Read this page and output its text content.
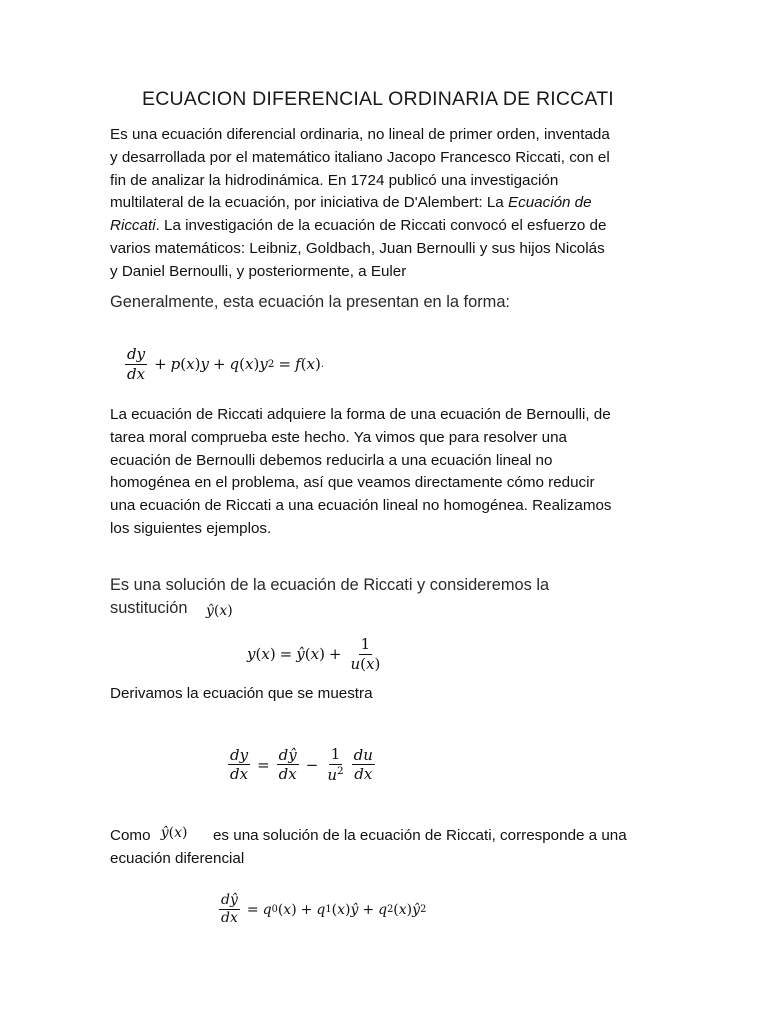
ECUACION DIFERENCIAL ORDINARIA DE RICCATI
Es una ecuación diferencial ordinaria, no lineal de primer orden, inventada
y desarrollada por el matemático italiano Jacopo Francesco Riccati, con el
fin de analizar la hidrodinámica. En 1724 publicó una investigación
multilateral de la ecuación, por iniciativa de D'Alembert: La Ecuación de
Riccati. La investigación de la ecuación de Riccati convocó el esfuerzo de
varios matemáticos: Leibniz, Goldbach, Juan Bernoulli y sus hijos Nicolás
y Daniel Bernoulli, y posteriormente, a Euler
Generalmente, esta ecuación la presentan en la forma:
$\frac{dy}{dx} + p$ ( x ) y + q ( x ) y 2 = f ( x ) .
La ecuación de Riccati adquiere la forma de una ecuación de Bernoulli, de
tarea moral comprueba este hecho. Ya vimos que para resolver una
ecuación de Bernoulli debemos reducirla a una ecuación lineal no
homogénea en el problema, así que veamos directamente cómo reducir
una ecuación de Riccati a una ecuación lineal no homogénea. Realizamos
los siguientes ejemplos.
Es una solución de la ecuación de Riccati y consideremos la
sustitución ŷ ( x )
y ( x ) = ŷ ( x ) + $\frac{1}{u(x)}$
Derivamos la ecuación que se muestra
$\frac{dy}{dx} = \frac{dŷ}{dx} - \frac{1}{u^2} \frac{du}{dx}$
Como ŷ ( x ) es una solución de la ecuación de Riccati, corresponde a una
ecuación diferencial
$\frac{dŷ}{dx} = q$ 0 ( x ) + q 1 ( x ) ŷ + q 2 ( x ) ŷ 2
